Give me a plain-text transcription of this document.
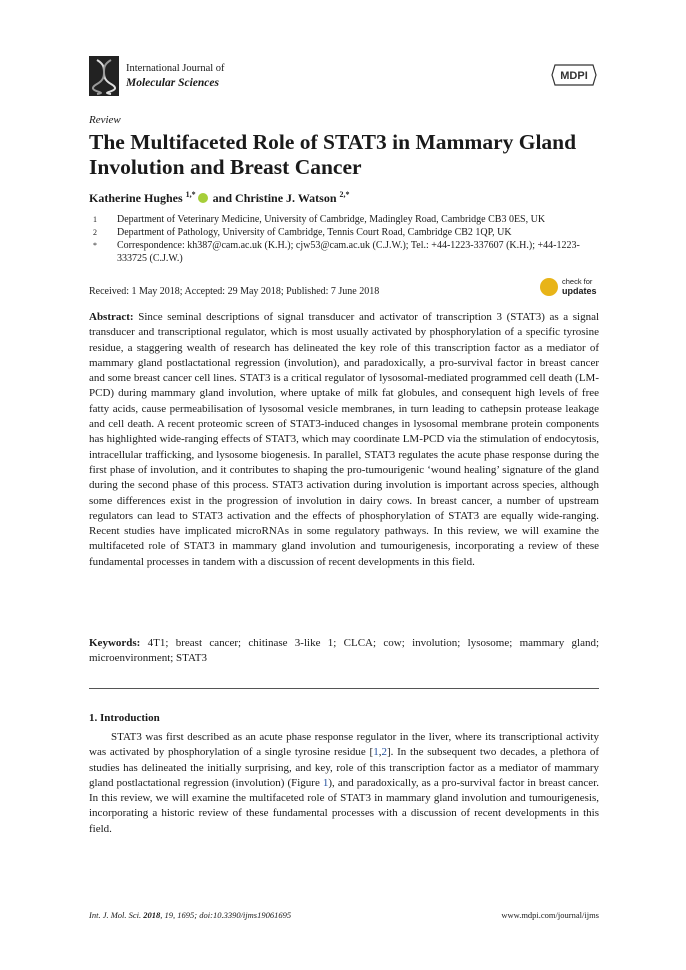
International Journal of
Molecular Sciences
MDPI
Review
The Multifaceted Role of STAT3 in Mammary Gland Involution and Breast Cancer
Katherine Hughes $^{1,*}$ and Christine J. Watson $^{2,*}$
1	Department of Veterinary Medicine, University of Cambridge, Madingley Road, Cambridge CB3 0ES, UK
2	Department of Pathology, University of Cambridge, Tennis Court Road, Cambridge CB2 1QP, UK
*	Correspondence: kh387@cam.ac.uk (K.H.); cjw53@cam.ac.uk (C.J.W.); Tel.: +44-1223-337607 (K.H.); +44-1223-333725 (C.J.W.)
Received: 1 May 2018; Accepted: 29 May 2018; Published: 7 June 2018
check for
updates
Abstract: Since seminal descriptions of signal transducer and activator of transcription 3 (STAT3) as a signal transducer and transcriptional regulator, which is most usually activated by phosphorylation of a specific tyrosine residue, a staggering wealth of research has delineated the key role of this transcription factor as a mediator of mammary gland postlactational regression (involution), and paradoxically, a pro-survival factor in breast cancer and some breast cancer cell lines. STAT3 is a critical regulator of lysosomal-mediated programmed cell death (LM-PCD) during mammary gland involution, where uptake of milk fat globules, and consequent high levels of free fatty acids, cause permeabilisation of lysosomal vesicle membranes, in turn leading to cathepsin protease leakage and cell death. A recent proteomic screen of STAT3-induced changes in lysosomal membrane protein components has highlighted wide-ranging effects of STAT3, which may coordinate LM-PCD via the stimulation of endocytosis, intracellular trafficking, and lysosome biogenesis. In parallel, STAT3 regulates the acute phase response during the first phase of involution, and it contributes to shaping the pro-tumourigenic ‘wound healing’ signature of the gland during the second phase of this process. STAT3 activation during involution is important across species, although some differences exist in the progression of involution in dairy cows. In breast cancer, a number of upstream regulators can lead to STAT3 activation and the effects of phosphorylation of STAT3 are equally wide-ranging. Recent studies have implicated microRNAs in some regulatory pathways. In this review, we will examine the multifaceted role of STAT3 in mammary gland involution and tumourigenesis, incorporating a review of these fundamental processes in tandem with a discussion of recent developments in this field.
Keywords: 4T1; breast cancer; chitinase 3-like 1; CLCA; cow; involution; lysosome; mammary gland; microenvironment; STAT3
1. Introduction
STAT3 was first described as an acute phase response regulator in the liver, where its transcriptional activity was activated by phosphorylation of a single tyrosine residue [1,2]. In the subsequent two decades, a plethora of studies has delineated the initially surprising, and key, role of this transcription factor as a mediator of mammary gland postlactational regression (involution) (Figure 1), and paradoxically, as a pro-survival factor in breast cancer. In this review, we will examine the multifaceted role of STAT3 in mammary gland involution and tumourigenesis, incorporating a historic review of these fundamental processes with a discussion of recent developments in this field.
Int. J. Mol. Sci. 2018, 19, 1695; doi:10.3390/ijms19061695	www.mdpi.com/journal/ijms
